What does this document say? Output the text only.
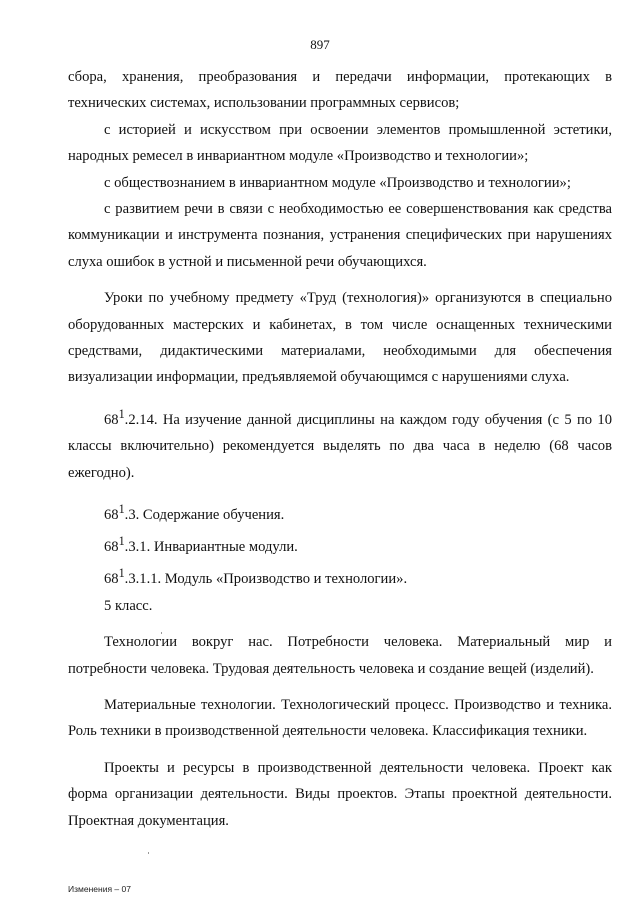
897

сбора, хранения, преобразования и передачи информации, протекающих в технических системах, использовании программных сервисов;

с историей и искусством при освоении элементов промышленной эстетики, народных ремесел в инвариантном модуле «Производство и технологии»;

с обществознанием в инвариантном модуле «Производство и технологии»;

с развитием речи в связи с необходимостью ее совершенствования как средства коммуникации и инструмента познания, устранения специфических при нарушениях слуха ошибок в устной и письменной речи обучающихся.

Уроки по учебному предмету «Труд (технология)» организуются в специально оборудованных мастерских и кабинетах, в том числе оснащенных техническими средствами, дидактическими материалами, необходимыми для обеспечения визуализации информации, предъявляемой обучающимся с нарушениями слуха.

$68^1.2.14$. На изучение данной дисциплины на каждом году обучения (с 5 по 10 классы включительно) рекомендуется выделять по два часа в неделю (68 часов ежегодно).

$68^1.3$. Содержание обучения.

$68^1.3.1$. Инвариантные модули.

$68^1.3.1.1$. Модуль «Производство и технологии».

5 класс.

Технологии вокруг нас. Потребности человека. Материальный мир и потребности человека. Трудовая деятельность человека и создание вещей (изделий).

Материальные технологии. Технологический процесс. Производство и техника. Роль техники в производственной деятельности человека. Классификация техники.

Проекты и ресурсы в производственной деятельности человека. Проект как форма организации деятельности. Виды проектов. Этапы проектной деятельности. Проектная документация.

Изменения – 07
